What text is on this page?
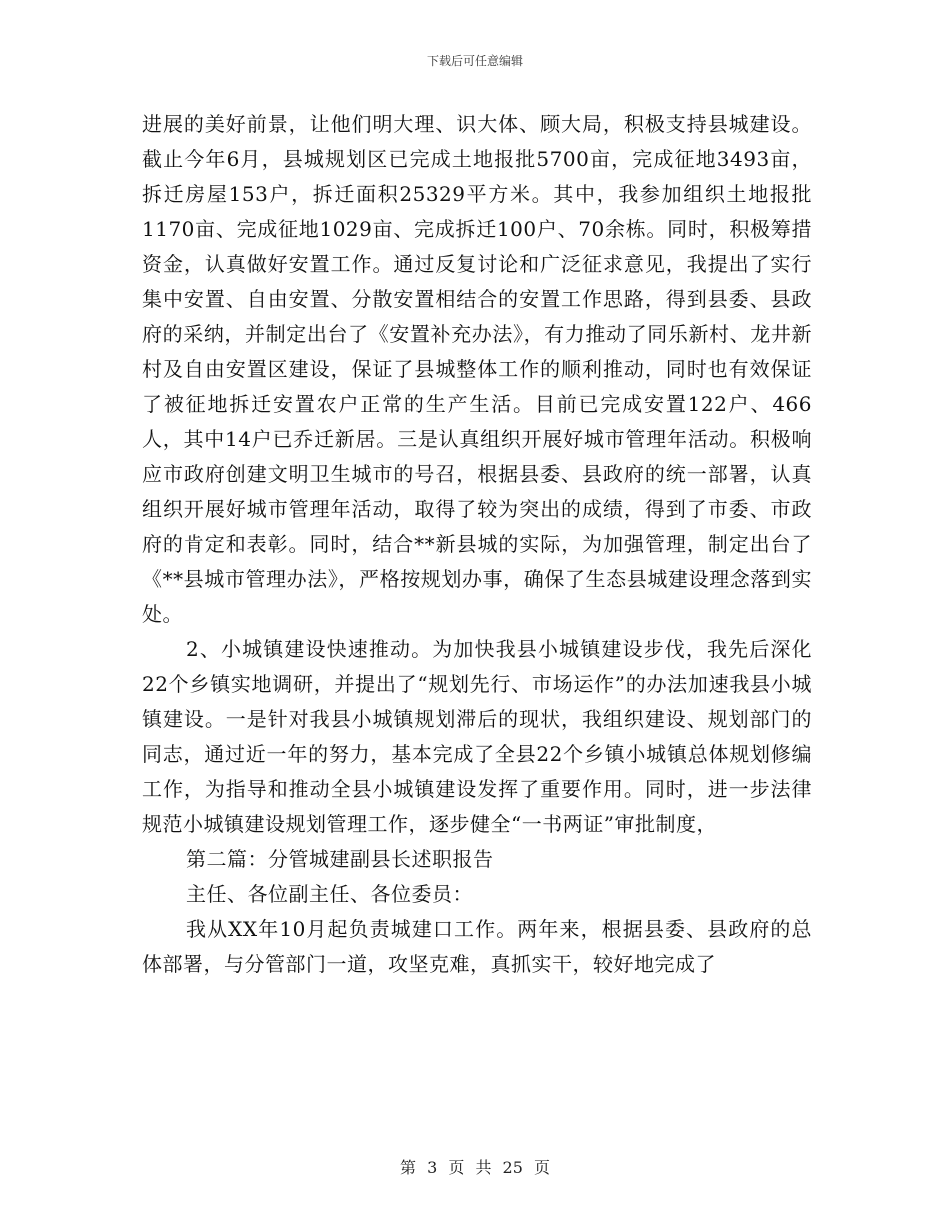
下载后可任意编辑

进展的美好前景，让他们明大理、识大体、顾大局，积极支持县城建设。截止今年6月，县城规划区已完成土地报批5700亩，完成征地3493亩，拆迁房屋153户，拆迁面积25329平方米。其中，我参加组织土地报批1170亩、完成征地1029亩、完成拆迁100户、70余栋。同时，积极筹措资金，认真做好安置工作。通过反复讨论和广泛征求意见，我提出了实行集中安置、自由安置、分散安置相结合的安置工作思路，得到县委、县政府的采纳，并制定出台了《安置补充办法》，有力推动了同乐新村、龙井新村及自由安置区建设，保证了县城整体工作的顺利推动，同时也有效保证了被征地拆迁安置农户正常的生产生活。目前已完成安置122户、466人，其中14户已乔迁新居。三是认真组织开展好城市管理年活动。积极响应市政府创建文明卫生城市的号召，根据县委、县政府的统一部署，认真组织开展好城市管理年活动，取得了较为突出的成绩，得到了市委、市政府的肯定和表彰。同时，结合**新县城的实际，为加强管理，制定出台了《**县城市管理办法》，严格按规划办事，确保了生态县城建设理念落到实处。

2、小城镇建设快速推动。为加快我县小城镇建设步伐，我先后深化22个乡镇实地调研，并提出了“规划先行、市场运作”的办法加速我县小城镇建设。一是针对我县小城镇规划滞后的现状，我组织建设、规划部门的同志，通过近一年的努力，基本完成了全县22个乡镇小城镇总体规划修编工作，为指导和推动全县小城镇建设发挥了重要作用。同时，进一步法律规范小城镇建设规划管理工作，逐步健全“一书两证”审批制度，

第二篇：分管城建副县长述职报告

主任、各位副主任、各位委员：

我从XX年10月起负责城建口工作。两年来，根据县委、县政府的总体部署，与分管部门一道，攻坚克难，真抓实干，较好地完成了

第 3 页 共 25 页
